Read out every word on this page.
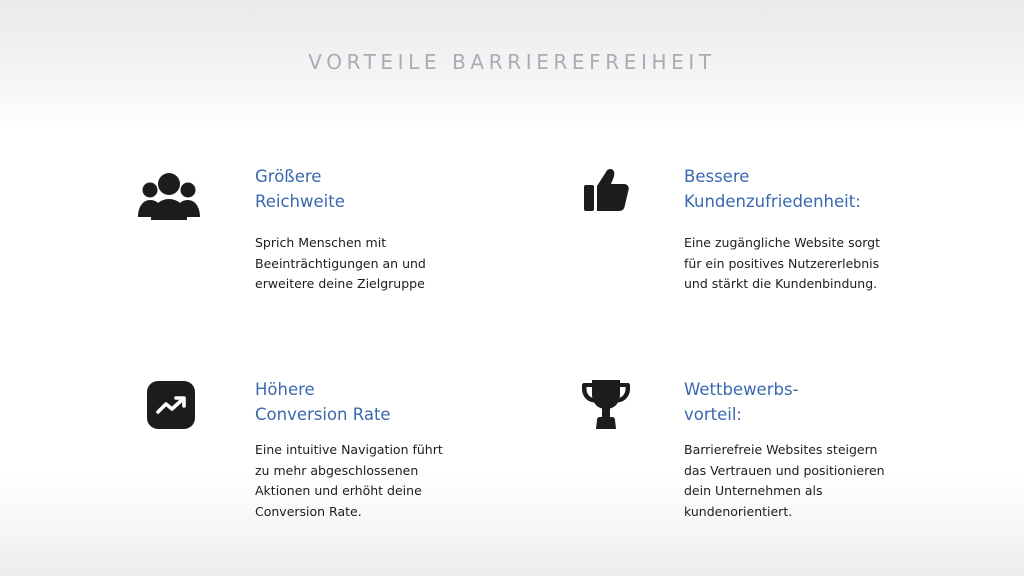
VORTEILE BARRIEREFREIHEIT
Größere
Reichweite
Sprich Menschen mit
Beeinträchtigungen an und
erweitere deine Zielgruppe
Bessere
Kundenzufriedenheit:
Eine zugängliche Website sorgt
für ein positives Nutzererlebnis
und stärkt die Kundenbindung.
Höhere
Conversion Rate
Eine intuitive Navigation führt
zu mehr abgeschlossenen
Aktionen und erhöht deine
Conversion Rate.
Wettbewerbs-
vorteil:
Barrierefreie Websites steigern
das Vertrauen und positionieren
dein Unternehmen als
kundenorientiert.
